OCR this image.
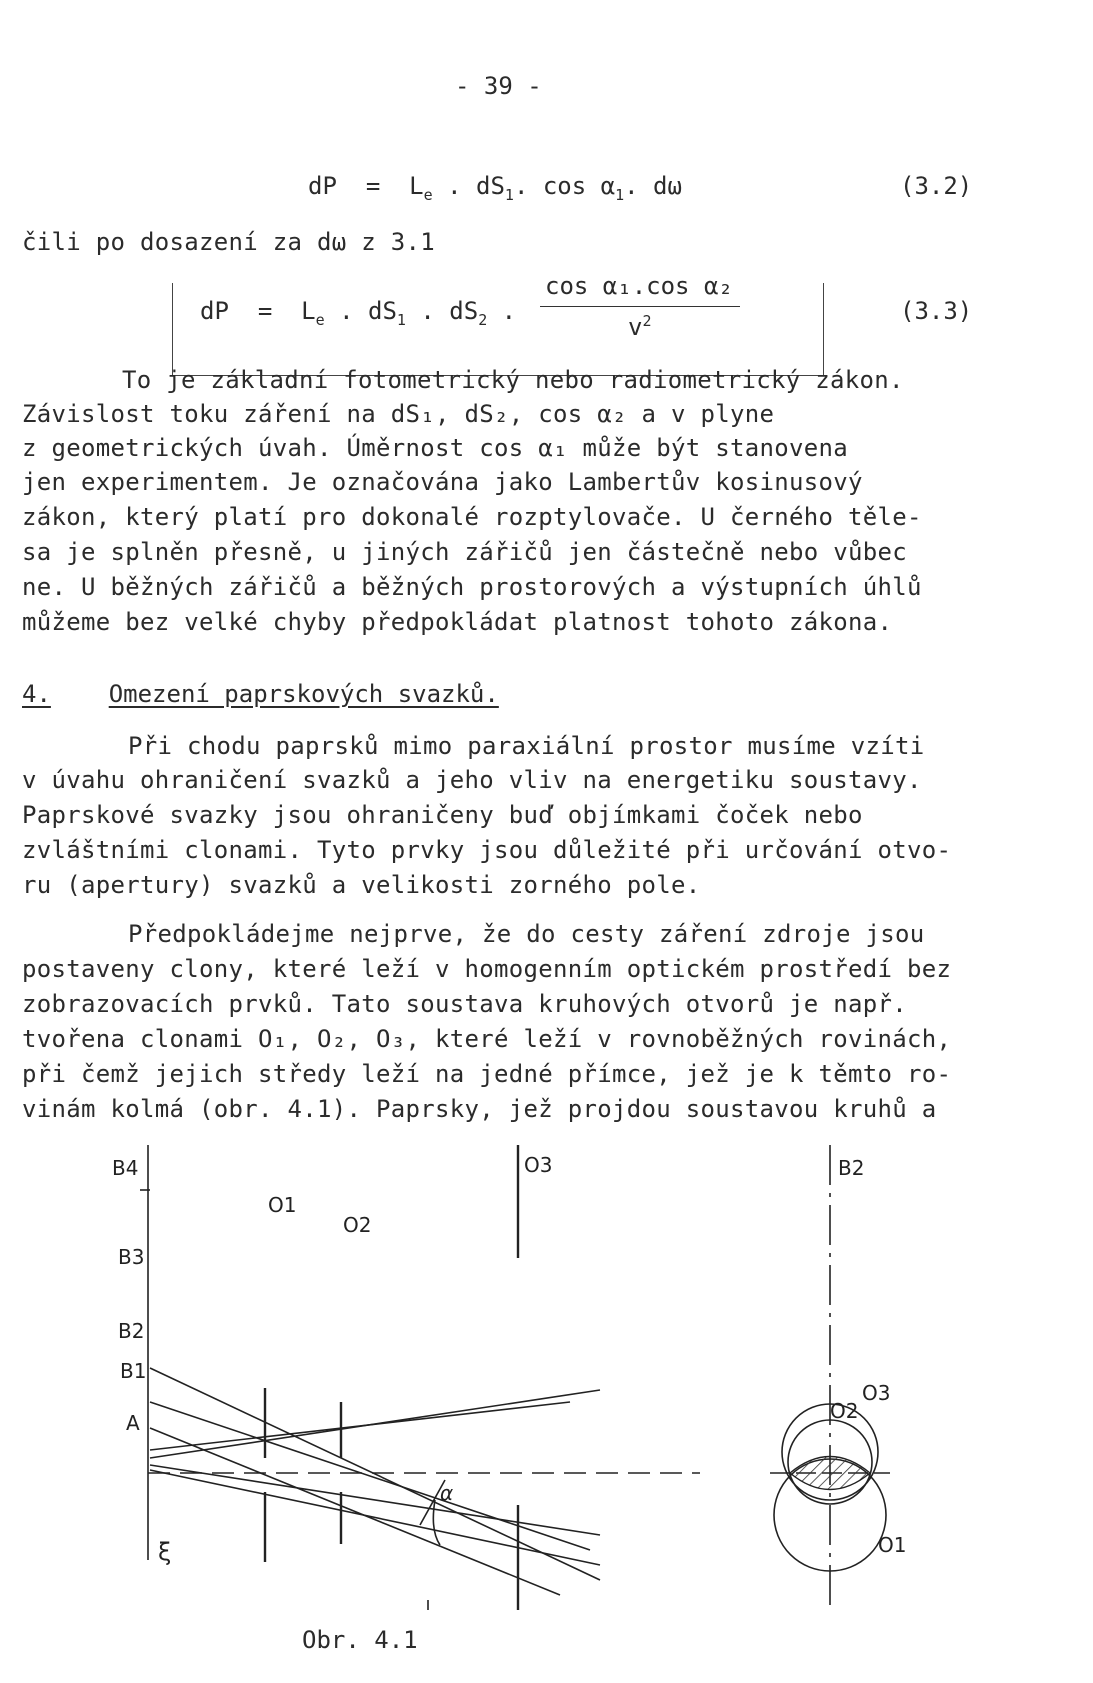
- 39 -
dP = $L_e$ . $dS_1$. $\cos \alpha_1$. dω	(3.2)
čili po dosazení za dω z 3.1
dP = $L_e$ . $dS_1$ . $dS_2$ .
cos α₁.cos α₂
$v^2$	(3.3)
To je základní fotometrický nebo radiometrický zákon.
Závislost toku záření na dS₁, dS₂, cos α₂ a v plyne
z geometrických úvah. Úměrnost cos α₁ může být stanovena
jen experimentem. Je označována jako Lambertův kosinusový
zákon, který platí pro dokonalé rozptylovače. U černého těle-
sa je splněn přesně, u jiných zářičů jen částečně nebo vůbec
ne. U běžných zářičů a běžných prostorových a výstupních úhlů
můžeme bez velké chyby předpokládat platnost tohoto zákona.
4. Omezení paprskových svazků.
Při chodu paprsků mimo paraxiální prostor musíme vzíti
v úvahu ohraničení svazků a jeho vliv na energetiku soustavy.
Paprskové svazky jsou ohraničeny buď objímkami čoček nebo
zvláštními clonami. Tyto prvky jsou důležité při určování otvo-
ru (apertury) svazků a velikosti zorného pole.
Předpokládejme nejprve, že do cesty záření zdroje jsou
postaveny clony, které leží v homogenním optickém prostředí bez
zobrazovacích prvků. Tato soustava kruhových otvorů je např.
tvořena clonami O₁, O₂, O₃, které leží v rovnoběžných rovinách,
při čemž jejich středy leží na jedné přímce, jež je k těmto ro-
vinám kolmá (obr. 4.1). Paprsky, jež projdou soustavou kruhů a
B4
B3
B2
B1
A
O1
O2
O3
α
ξ
B2
O3
O2
O1
Obr. 4.1
